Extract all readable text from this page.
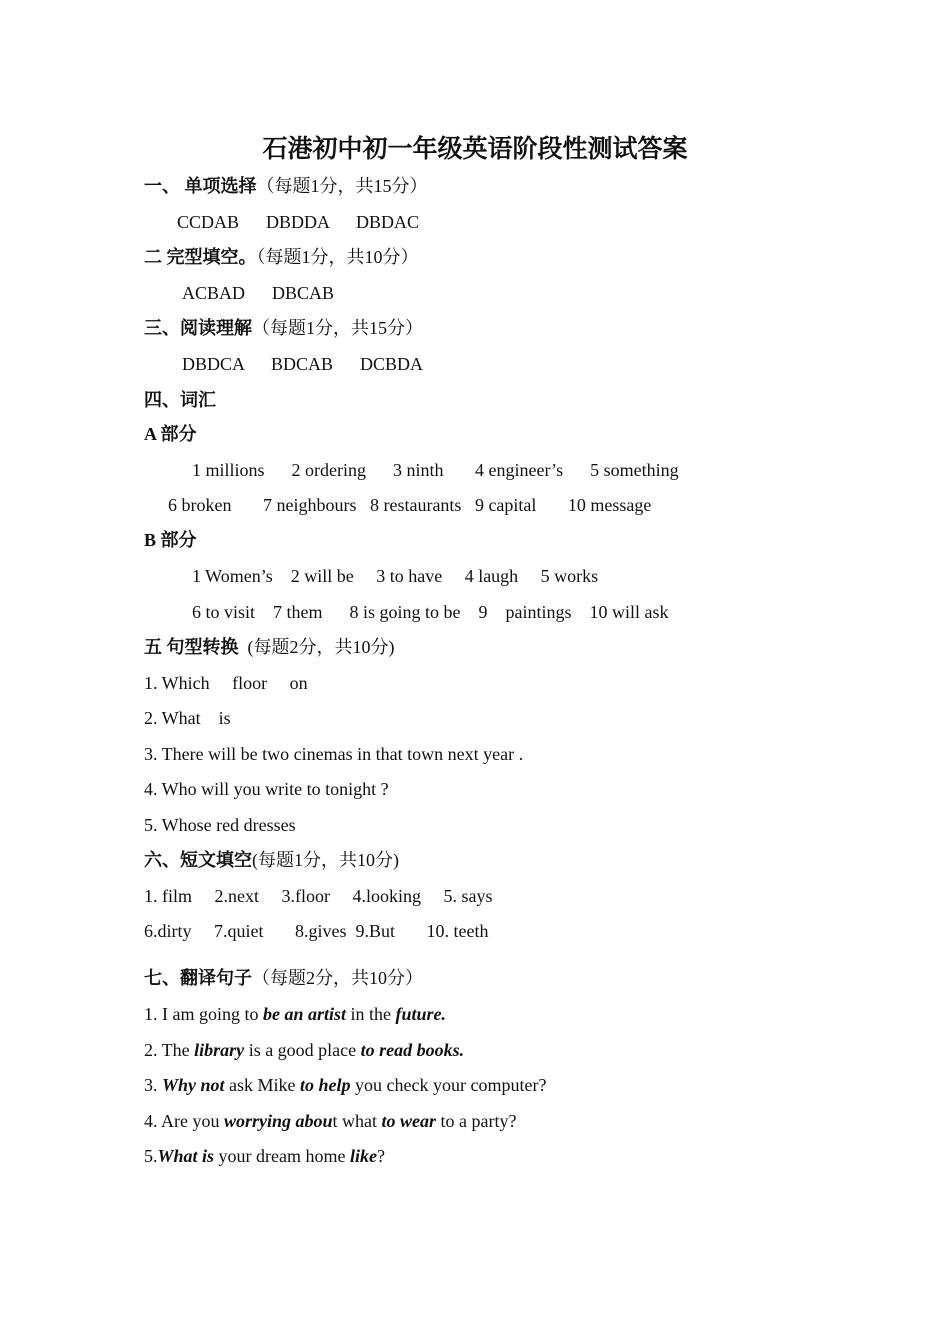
石港初中初一年级英语阶段性测试答案
一、 单项选择（每题1分，共15分）
CCDAB      DBDDA      DBDAC
二 完型填空。（每题1分，共10分）
ACBAD      DBCAB
三、阅读理解（每题1分，共15分）
DBDCA      BDCAB      DCBDA
四、词汇
A 部分
1 millions      2 ordering      3 ninth       4 engineer’s      5 something
6 broken       7 neighbours   8 restaurants   9 capital       10 message
B 部分
1 Women’s    2 will be     3 to have     4 laugh     5 works
6 to visit    7 them      8 is going to be    9    paintings    10 will ask
五 句型转换  (每题2分，共10分)
1. Which     floor     on
2. What    is
3. There will be two cinemas in that town next year .
4. Who will you write to tonight ?
5. Whose red dresses
六、短文填空(每题1分，共10分)
1. film     2.next     3.floor     4.looking     5. says
6.dirty     7.quiet       8.gives  9.But       10. teeth
七、翻译句子（每题2分，共10分）
1. I am going to be an artist in the future.
2. The library is a good place to read books.
3. Why not ask Mike to help you check your computer?
4. Are you worrying about what to wear to a party?
5.What is your dream home like?
